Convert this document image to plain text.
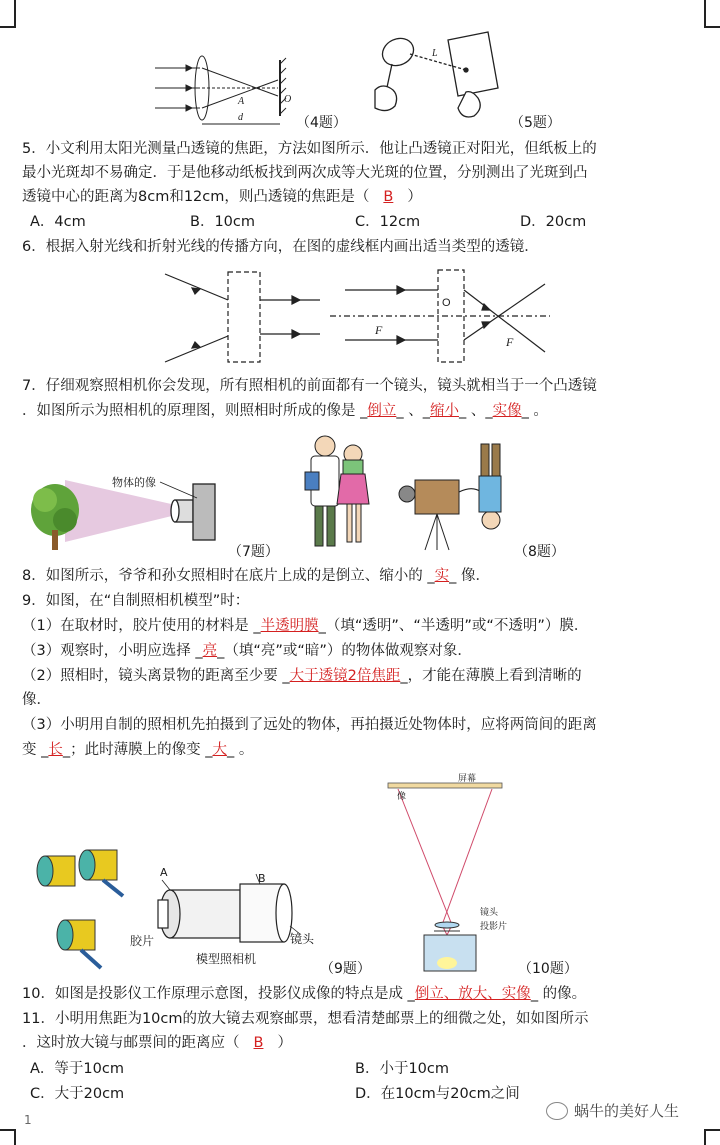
A	O
d	（4题）
L
（5题）
5．小文利用太阳光测量凸透镜的焦距，方法如图所示．他让凸透镜正对阳光，但纸板上的
最小光斑却不易确定．于是他移动纸板找到两次成等大光斑的位置，分别测出了光斑到凸
透镜中心的距离为8cm和12cm，则凸透镜的焦距是（ B ）
A．4cm	B．10cm	C．12cm	D．20cm
6．根据入射光线和折射光线的传播方向，在图的虚线框内画出适当类型的透镜．
O
F
F
7．仔细观察照相机你会发现，所有照相机的前面都有一个镜头，镜头就相当于一个凸透镜
．如图所示为照相机的原理图，则照相时所成的像是 _倒立_ 、_缩小_ 、_实像_ 。
物体的像
（7题）	（8题）
8．如图所示，爷爷和孙女照相时在底片上成的是倒立、缩小的 _实_ 像．
9．如图，在“自制照相机模型”时：
（1）在取材时，胶片使用的材料是 _半透明膜_（填“透明”、“半透明”或“不透明”）膜．
（3）观察时，小明应选择 _亮_（填“亮”或“暗”）的物体做观察对象．
（2）照相时，镜头离景物的距离至少要 _大于透镜2倍焦距_，才能在薄膜上看到清晰的
像．
（3）小明用自制的照相机先拍摄到了远处的物体，再拍摄近处物体时，应将两筒间的距离
变 _长_；此时薄膜上的像变 _大_ 。
A	B
胶片	镜头
模型照相机
（9题）
屏幕
像
镜头
投影片
（10题）
10．如图是投影仪工作原理示意图，投影仪成像的特点是成 _倒立、放大、实像_ 的像。
11．小明用焦距为10cm的放大镜去观察邮票，想看清楚邮票上的细微之处，如如图所示
．这时放大镜与邮票间的距离应（ B ）
A．等于10cm	B．小于10cm
C．大于20cm	D．在10cm与20cm之间
1	蜗牛的美好人生
